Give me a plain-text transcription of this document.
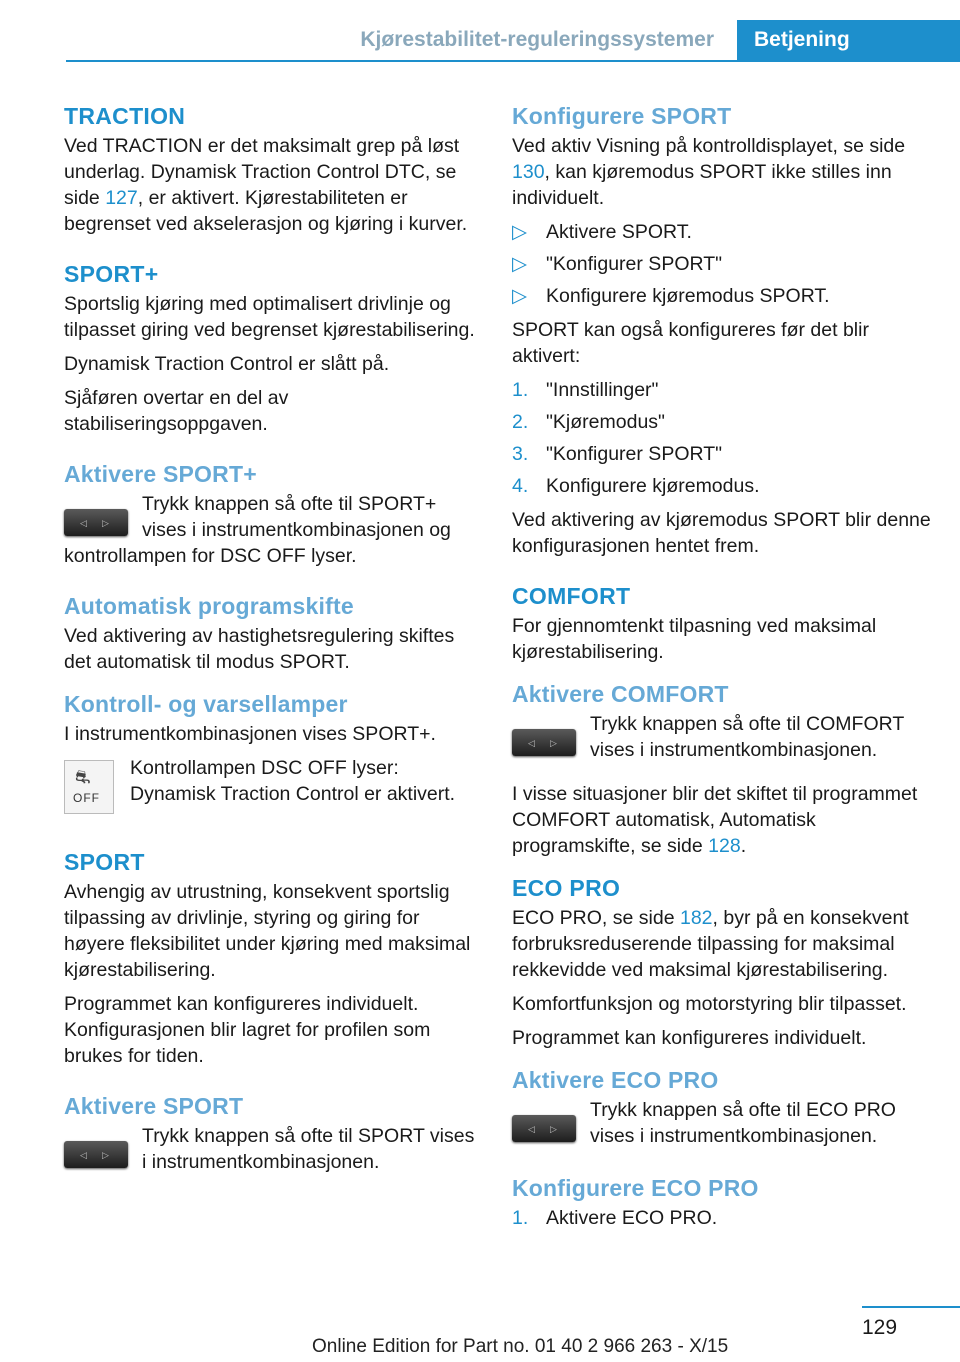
Kjørestabilitet-reguleringssystemer Betjening
TRACTION

Ved TRACTION er det maksimalt grep på løst underlag. Dynamisk Traction Control DTC, se side 127, er aktivert. Kjørestabiliteten er begrenset ved akselerasjon og kjøring i kurver.

SPORT+

Sportslig kjøring med optimalisert drivlinje og tilpasset giring ved begrenset kjørestabilisering.

Dynamisk Traction Control er slått på.

Sjåføren overtar en del av stabiliseringsoppgaven.

Aktivere SPORT+
◁ ▷
Trykk knappen så ofte til SPORT+ vises i instrumentkombinasjonen og
kontrollampen for DSC OFF lyser.
Automatisk programskifte

Ved aktivering av hastighetsregulering skiftes det automatisk til modus SPORT.

Kontroll- og varsellamper

I instrumentkombinasjonen vises SPORT+.

⛐
OFF
Kontrollampen DSC OFF lyser: Dynamisk Traction Control er aktivert.
SPORT

Avhengig av utrustning, konsekvent sportslig tilpassing av drivlinje, styring og giring for høyere fleksibilitet under kjøring med maksimal kjørestabilisering.

Programmet kan konfigureres individuelt. Konfigurasjonen blir lagret for profilen som brukes for tiden.

Aktivere SPORT
◁ ▷
Trykk knappen så ofte til SPORT vises i instrumentkombinasjonen.
Konfigurere SPORT

Ved aktiv Visning på kontrolldisplayet, se side 130, kan kjøremodus SPORT ikke stilles inn individuelt.

▷ Aktivere SPORT.
▷ "Konfigurer SPORT"
▷ Konfigurere kjøremodus SPORT.

SPORT kan også konfigureres før det blir aktivert:

1. "Innstillinger"
2. "Kjøremodus"
3. "Konfigurer SPORT"
4. Konfigurere kjøremodus.

Ved aktivering av kjøremodus SPORT blir denne konfigurasjonen hentet frem.

COMFORT

For gjennomtenkt tilpasning ved maksimal kjørestabilisering.

Aktivere COMFORT
◁ ▷
Trykk knappen så ofte til COMFORT vises i instrumentkombinasjonen.

I visse situasjoner blir det skiftet til programmet COMFORT automatisk, Automatisk programskifte, se side 128.

ECO PRO

ECO PRO, se side 182, byr på en konsekvent forbruksreduserende tilpassing for maksimal rekkevidde ved maksimal kjørestabilisering.

Komfortfunksjon og motorstyring blir tilpasset.

Programmet kan konfigureres individuelt.

Aktivere ECO PRO
◁ ▷
Trykk knappen så ofte til ECO PRO vises i instrumentkombinasjonen.
Konfigurere ECO PRO
1. Aktivere ECO PRO.
129
Online Edition for Part no. 01 40 2 966 263 - X/15
